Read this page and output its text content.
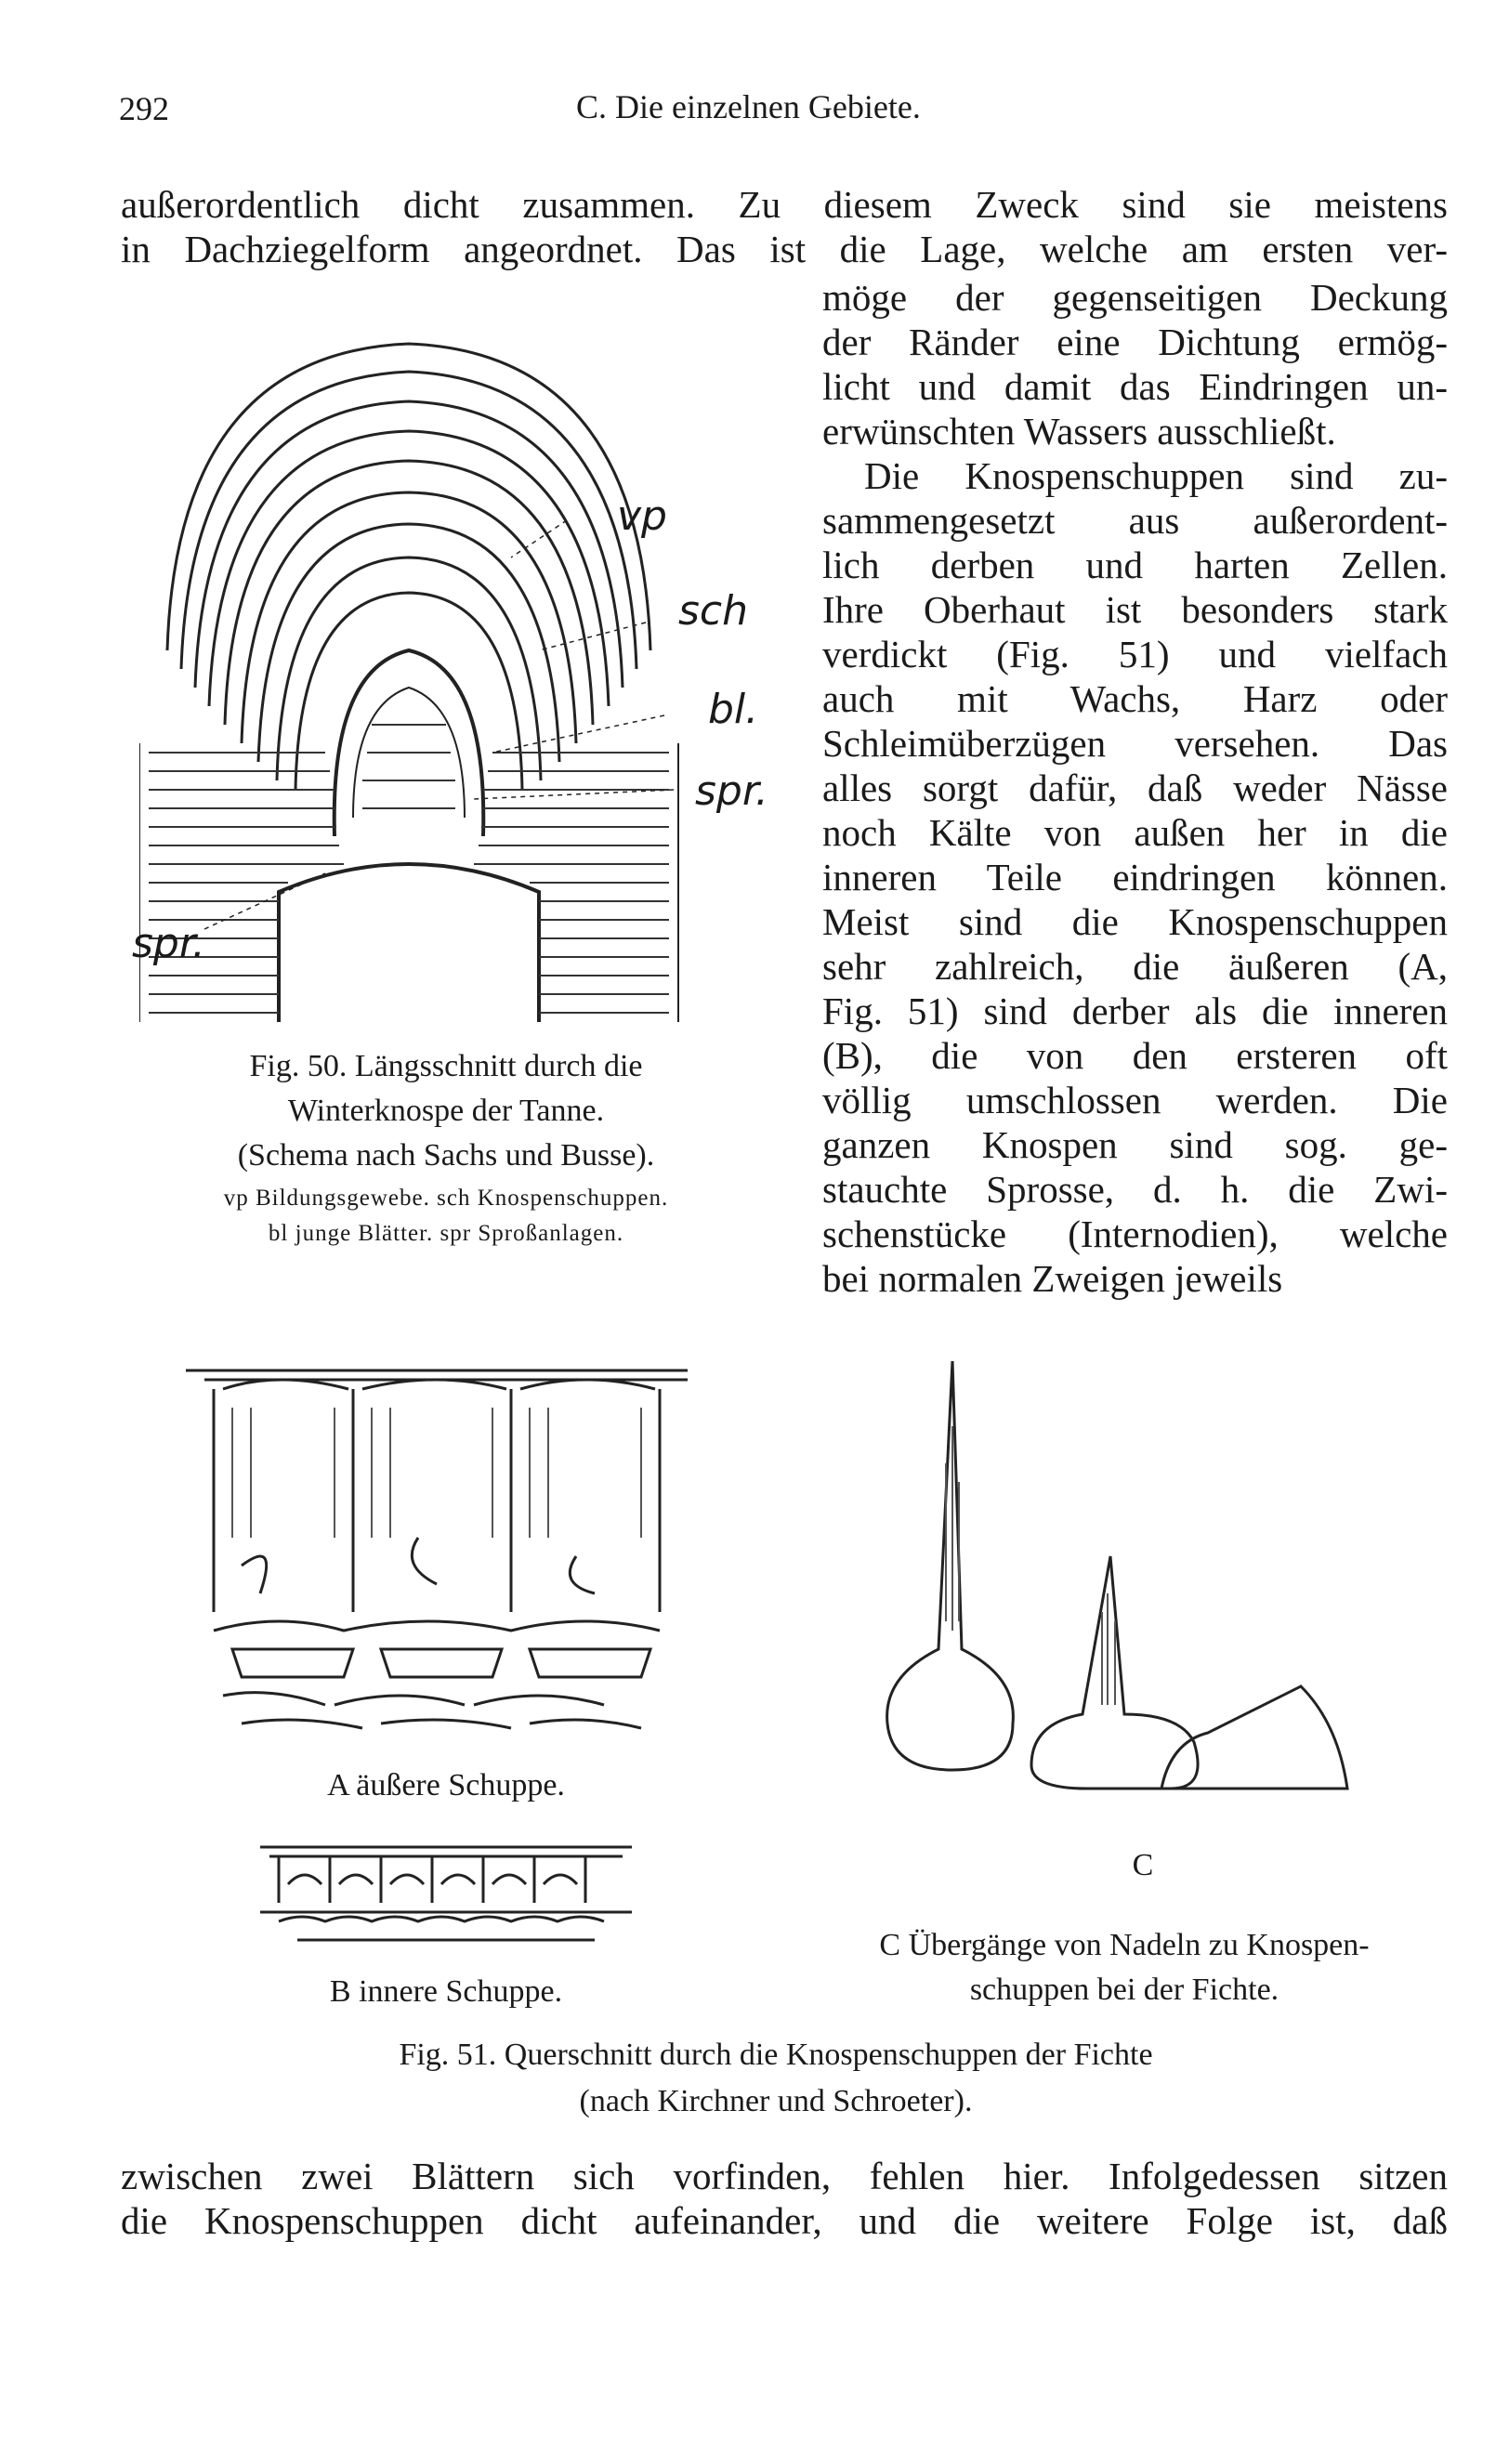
292	C. Die einzelnen Gebiete.
außerordentlich dicht zusammen. Zu diesem Zweck sind sie meistens
in Dachziegelform angeordnet. Das ist die Lage, welche am ersten ver-
möge der gegenseitigen Deckung
der Ränder eine Dichtung ermög-
licht und damit das Eindringen un-
erwünschten Wassers ausschließt.
Die Knospenschuppen sind zu-
sammengesetzt aus außerordent-
lich derben und harten Zellen.
Ihre Oberhaut ist besonders stark
verdickt (Fig. 51) und vielfach
auch mit Wachs, Harz oder
Schleimüberzügen versehen. Das
alles sorgt dafür, daß weder Nässe
noch Kälte von außen her in die
inneren Teile eindringen können.
Meist sind die Knospenschuppen
sehr zahlreich, die äußeren (A,
Fig. 51) sind derber als die inneren
(B), die von den ersteren oft
völlig umschlossen werden. Die
ganzen Knospen sind sog. ge-
stauchte Sprosse, d. h. die Zwi-
schenstücke (Internodien), welche
bei normalen Zweigen jeweils
vp
sch
bl.
spr.
spr.
Fig. 50. Längsschnitt durch die
Winterknospe der Tanne.
(Schema nach Sachs und Busse).
vp Bildungsgewebe. sch Knospenschuppen.
bl junge Blätter. spr Sproßanlagen.
A äußere Schuppe.
B innere Schuppe.
C
C Übergänge von Nadeln zu Knospen-
schuppen bei der Fichte.
Fig. 51. Querschnitt durch die Knospenschuppen der Fichte
(nach Kirchner und Schroeter).
zwischen zwei Blättern sich vorfinden, fehlen hier. Infolgedessen sitzen
die Knospenschuppen dicht aufeinander, und die weitere Folge ist, daß
